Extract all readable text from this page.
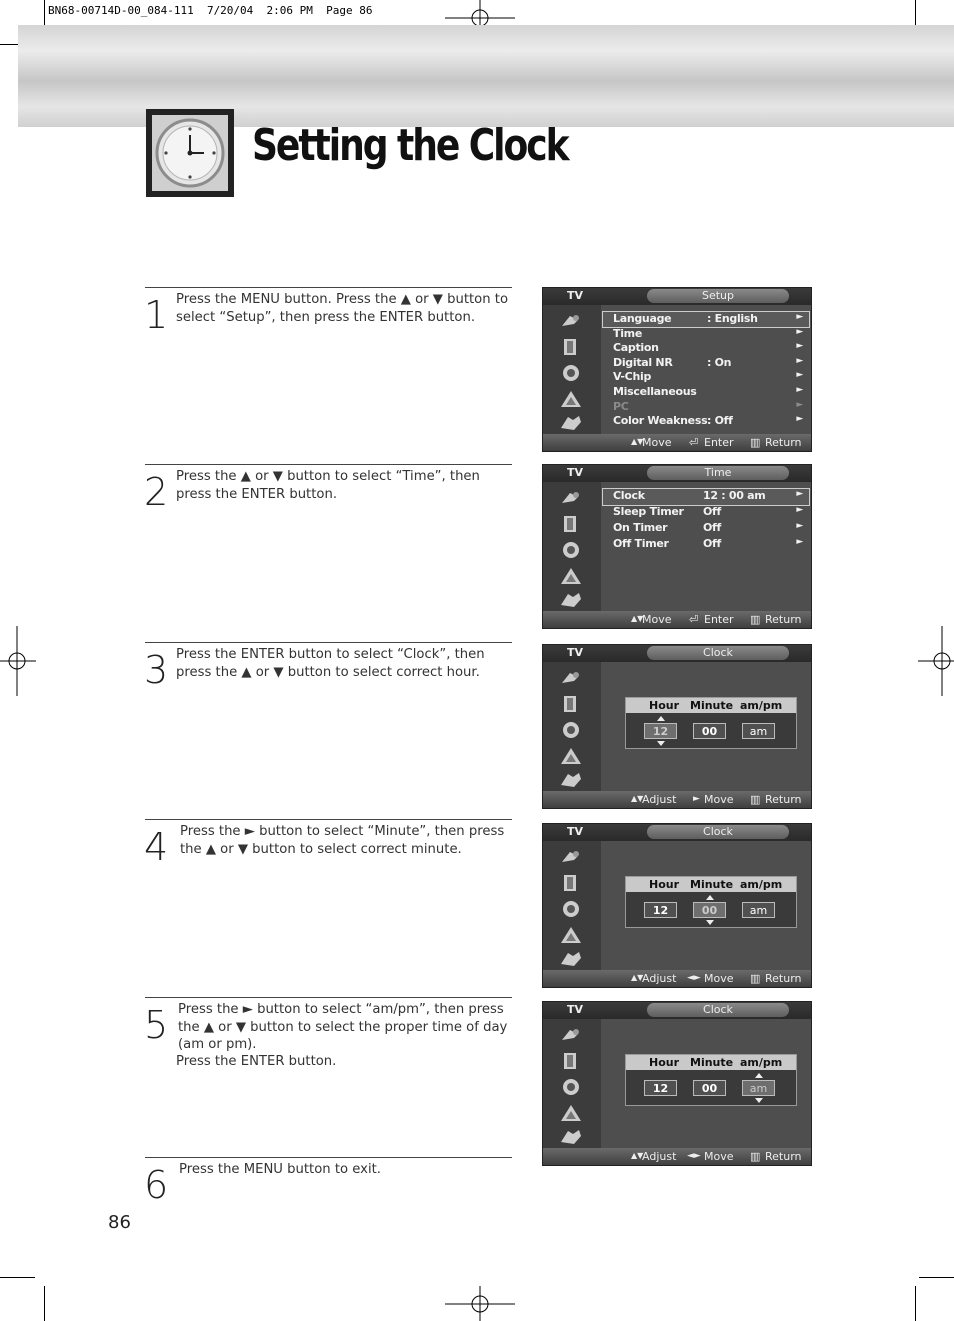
BN68-00714D-00_084-111  7/20/04  2:06 PM  Page 86
Setting the Clock
1 Press the MENU button. Press the ▲ or ▼ button to select “Setup”, then press the ENTER button.
2 Press the ▲ or ▼ button to select “Time”, then press the ENTER button.
3 Press the ENTER button to select “Clock”, then press the ▲ or ▼ button to select correct hour.
4 Press the ► button to select “Minute”, then press the ▲ or ▼ button to select correct minute.
5 Press the ► button to select “am/pm”, then press the ▲ or ▼ button to select the proper time of day (am or pm).
Press the ENTER button.
6 Press the MENU button to exit.
86
TV	Setup
Language	: English	►
Time	►
Caption	►
Digital NR	: On	►
V-Chip	►
Miscellaneous	►
PC	►
Color Weakness : Off	►
▲▼
Move ⏎ Enter ▥ Return
TV	Time
Clock	12 : 00 am	►
Sleep Timer Off	►
On Timer	Off	►
Off Timer	Off	►
▲▼
Move ⏎ Enter ▥ Return
TV	Clock
Hour Minute am/pm
12	00	am
▲▼
Adjust ► Move ▥ Return
TV	Clock
Hour Minute am/pm
12	00	am
▲▼
Adjust ◄► Move ▥ Return
TV	Clock
Hour Minute am/pm
12	00	am
▲▼
Adjust ◄► Move ▥ Return
